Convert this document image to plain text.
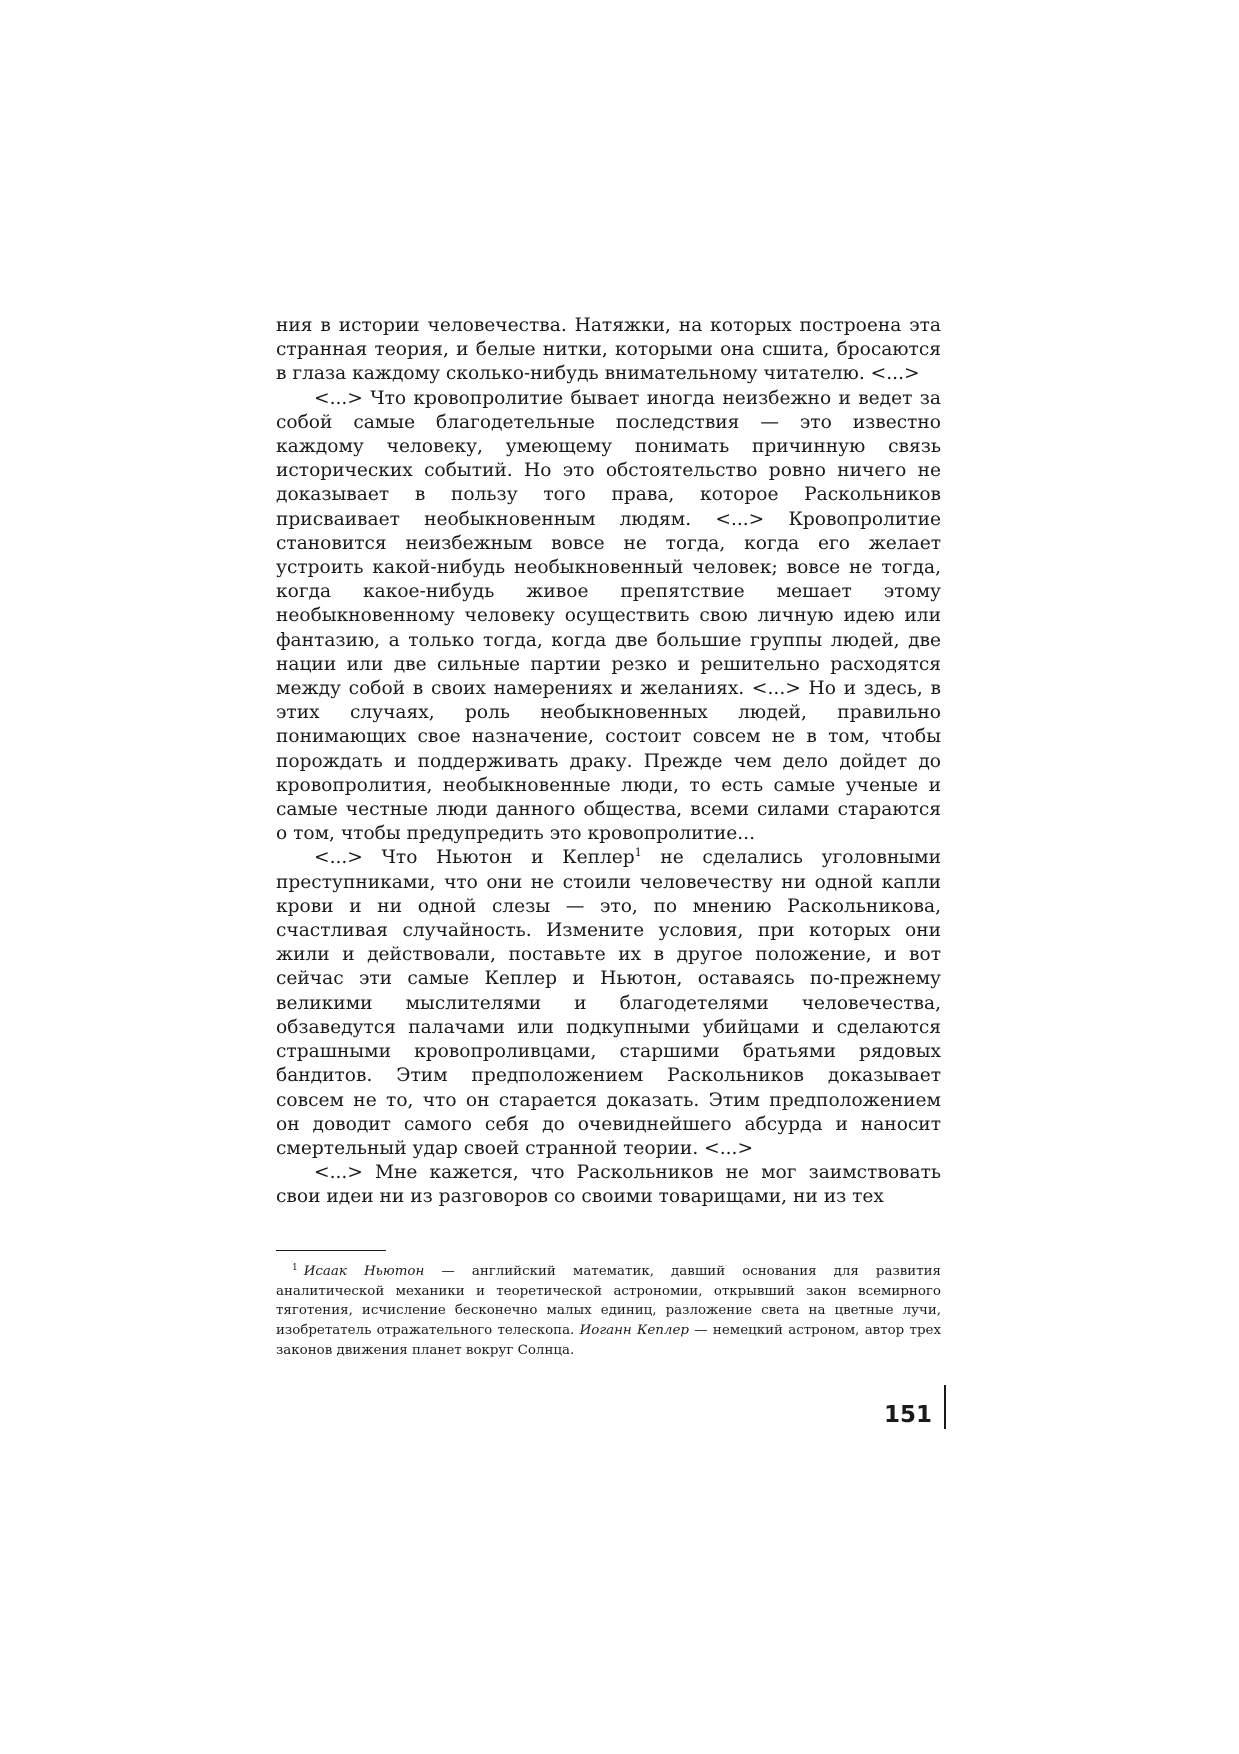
ния в истории человечества. Натяжки, на которых построена эта странная теория, и белые нитки, которыми она сшита, бросаются в глаза каждому сколько-нибудь внимательному читателю. <...>

<...> Что кровопролитие бывает иногда неизбежно и ведет за собой самые благодетельные последствия — это известно каждому человеку, умеющему понимать причинную связь исторических событий. Но это обстоятельство ровно ничего не доказывает в пользу того права, которое Раскольников присваивает необыкновенным людям. <...> Кровопролитие становится неизбежным вовсе не тогда, когда его желает устроить какой-нибудь необыкновенный человек; вовсе не тогда, когда какое-нибудь живое препятствие мешает этому необыкновенному человеку осуществить свою личную идею или фантазию, а только тогда, когда две большие группы людей, две нации или две сильные партии резко и решительно расходятся между собой в своих намерениях и желаниях. <...> Но и здесь, в этих случаях, роль необыкновенных людей, правильно понимающих свое назначение, состоит совсем не в том, чтобы порождать и поддерживать драку. Прежде чем дело дойдет до кровопролития, необыкновенные люди, то есть самые ученые и самые честные люди данного общества, всеми силами стараются о том, чтобы предупредить это кровопролитие...

<...> Что Ньютон и Кеплер$^1$ не сделались уголовными преступниками, что они не стоили человечеству ни одной капли крови и ни одной слезы — это, по мнению Раскольникова, счастливая случайность. Измените условия, при которых они жили и действовали, поставьте их в другое положение, и вот сейчас эти самые Кеплер и Ньютон, оставаясь по-прежнему великими мыслителями и благодетелями человечества, обзаведутся палачами или подкупными убийцами и сделаются страшными кровопроливцами, старшими братьями рядовых бандитов. Этим предположением Раскольников доказывает совсем не то, что он старается доказать. Этим предположением он доводит самого себя до очевиднейшего абсурда и наносит смертельный удар своей странной теории. <...>

<...> Мне кажется, что Раскольников не мог заимствовать свои идеи ни из разговоров со своими товарищами, ни из тех

$^1$ Исаак Ньютон — английский математик, давший основания для развития аналитической механики и теоретической астрономии, открывший закон всемирного тяготения, исчисление бесконечно малых единиц, разложение света на цветные лучи, изобретатель отражательного телескопа. Иоганн Кеплер — немецкий астроном, автор трех законов движения планет вокруг Солнца.

151
